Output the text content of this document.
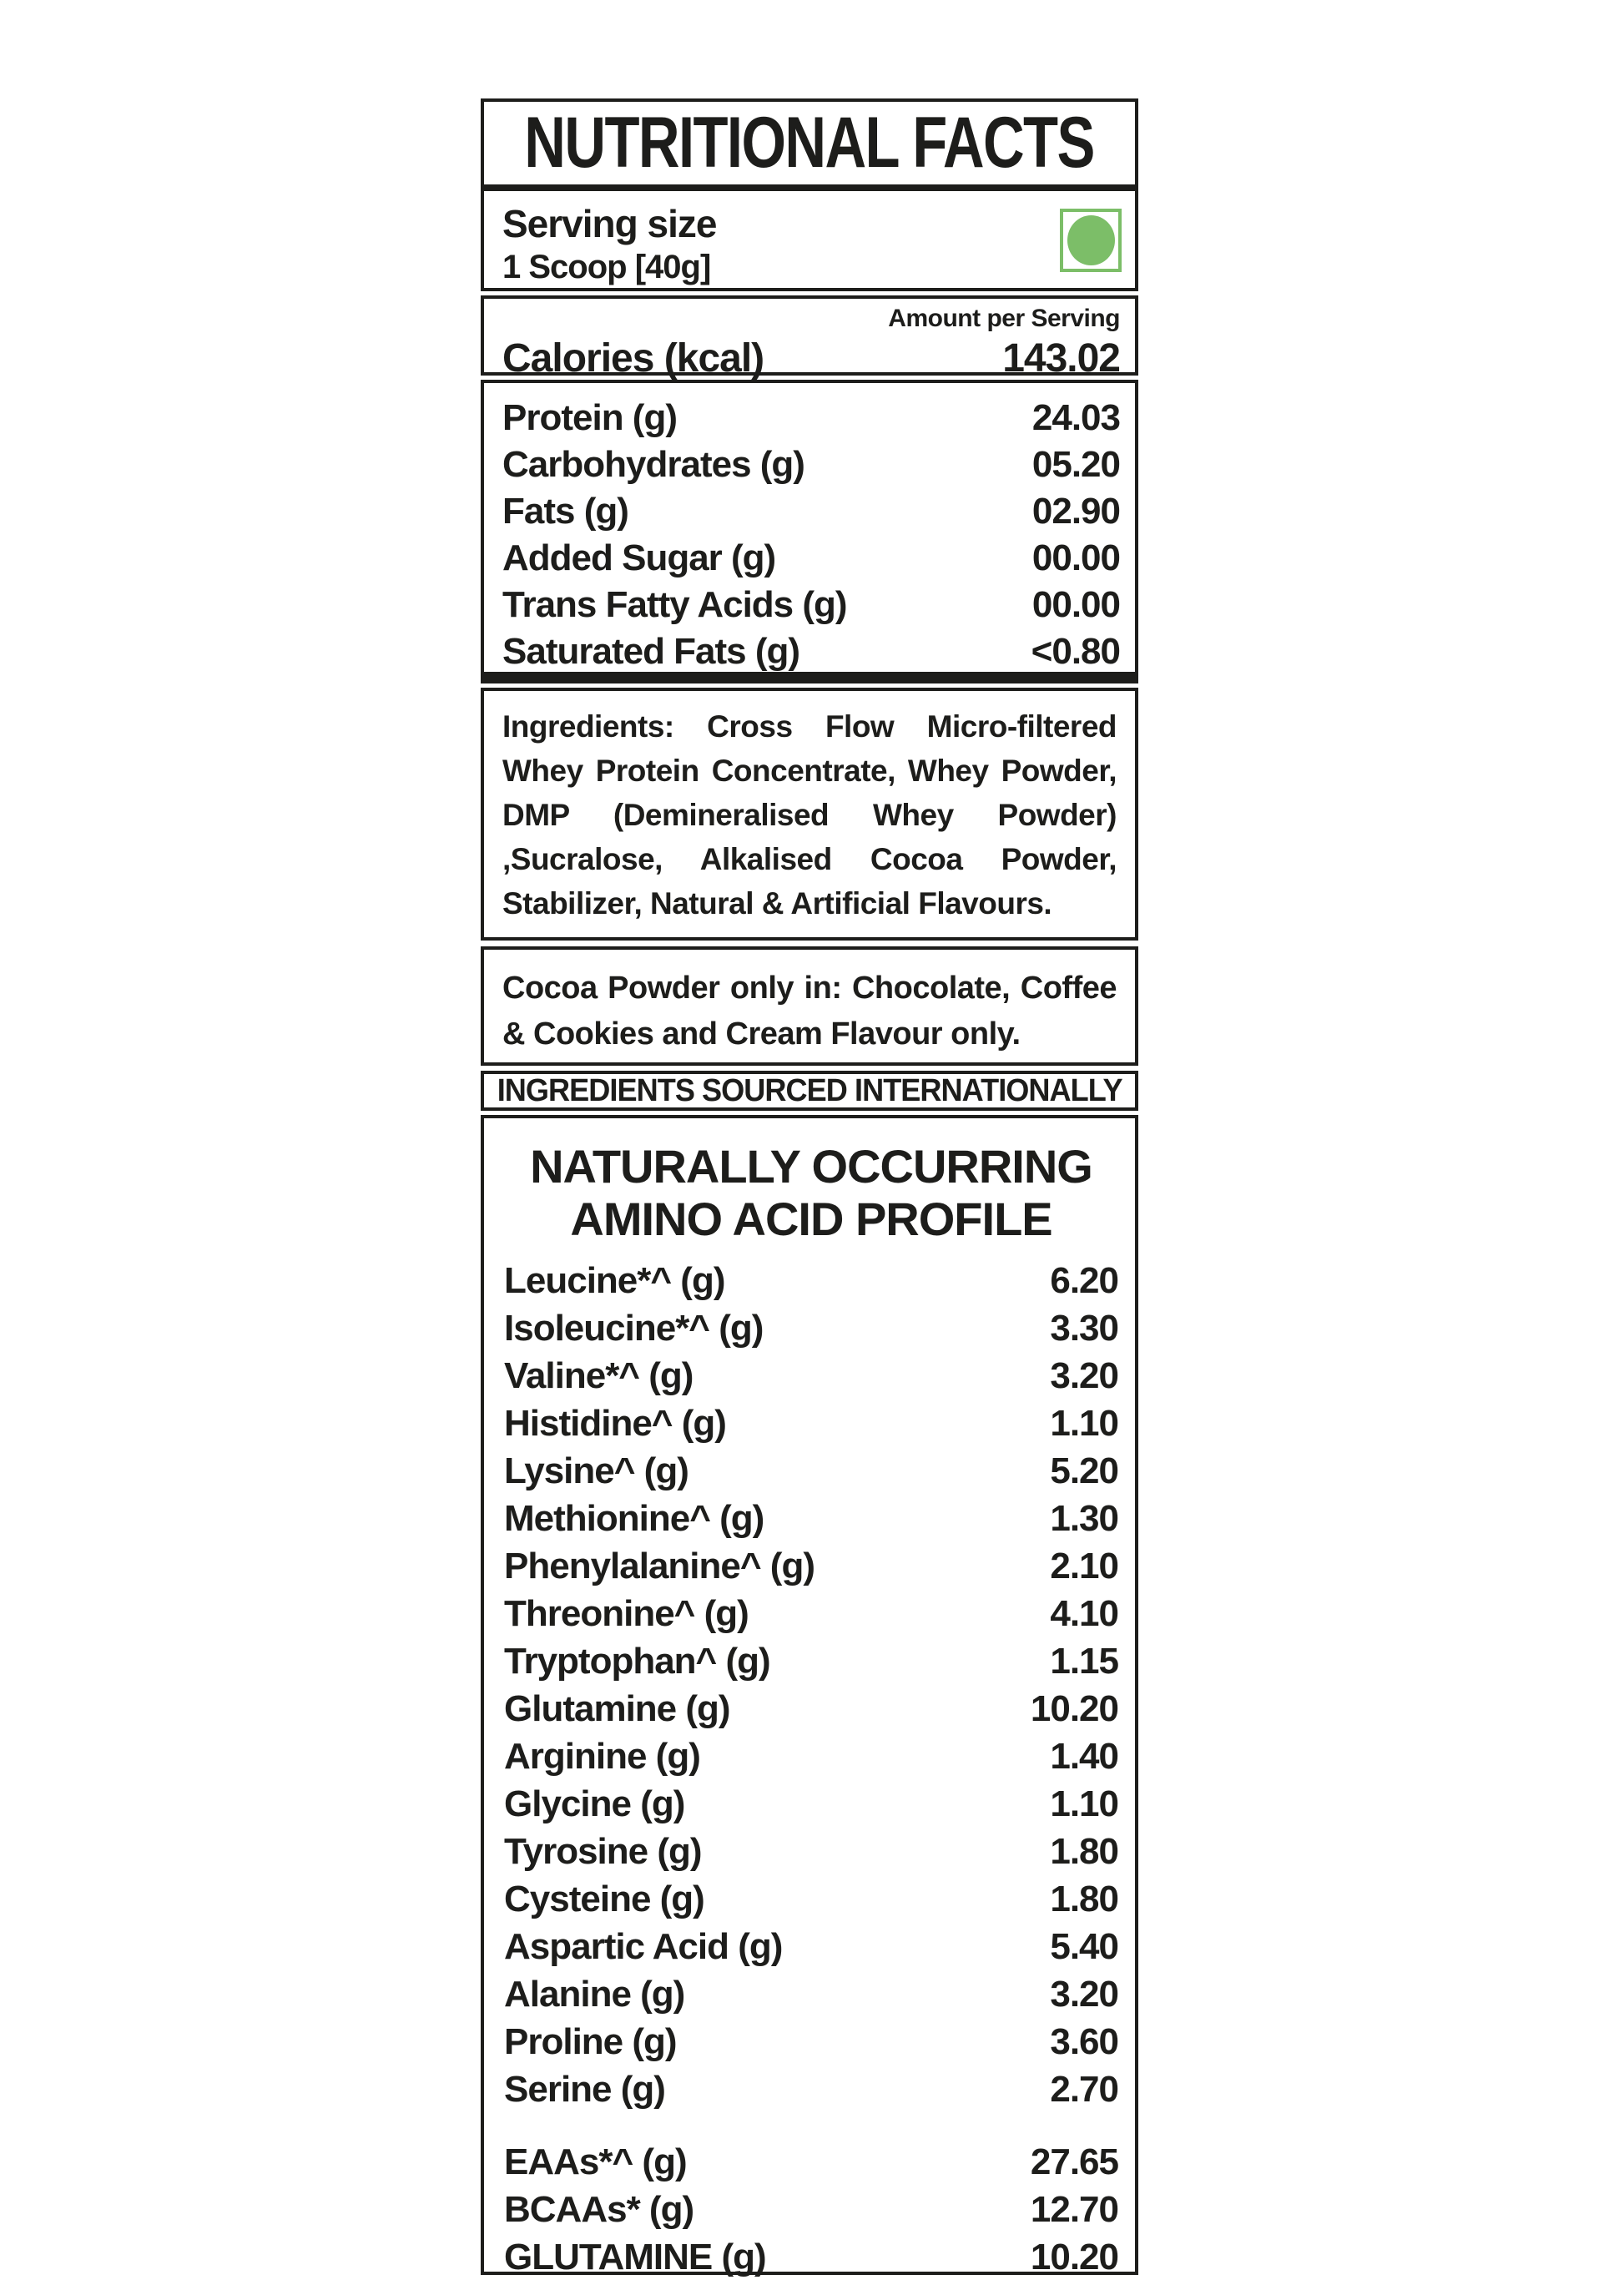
NUTRITIONAL FACTS
Serving size
1 Scoop [40g]
Amount per Serving
Calories (kcal)	143.02
Protein (g)	24.03
Carbohydrates (g)	05.20
Fats (g)	02.90
Added Sugar (g)	00.00
Trans Fatty Acids (g)	00.00
Saturated Fats (g)	<0.80
Ingredients: Cross Flow Micro-filtered Whey Protein Concentrate, Whey Powder, DMP (Demineralised Whey Powder) ,Sucralose, Alkalised Cocoa Powder, Stabilizer, Natural & Artificial Flavours.
Cocoa Powder only in: Chocolate, Coffee & Cookies and Cream Flavour only.
INGREDIENTS SOURCED INTERNATIONALLY
NATURALLY OCCURRING
AMINO ACID PROFILE
Leucine*^ (g)	6.20
Isoleucine*^ (g)	3.30
Valine*^ (g)	3.20
Histidine^ (g)	1.10
Lysine^ (g)	5.20
Methionine^ (g)	1.30
Phenylalanine^ (g)	2.10
Threonine^ (g)	4.10
Tryptophan^ (g)	1.15
Glutamine (g)	10.20
Arginine (g)	1.40
Glycine (g)	1.10
Tyrosine (g)	1.80
Cysteine (g)	1.80
Aspartic Acid (g)	5.40
Alanine (g)	3.20
Proline (g)	3.60
Serine (g)	2.70
EAAs*^ (g)	27.65
BCAAs* (g)	12.70
GLUTAMINE (g)	10.20
